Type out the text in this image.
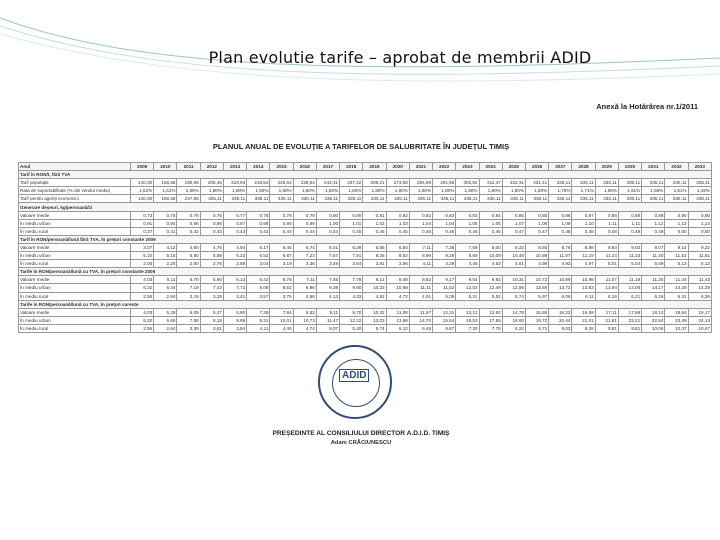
Plan evolutie tarife – aprobat de membrii ADID
Anexă la Hotărârea nr.1/2011
PLANUL ANUAL DE EVOLUȚIE A TARIFELOR DE SALUBRITATE ÎN JUDEȚUL TIMIȘ
Anul	2009	2010	2011	2012	2013	2014	2015	2016	2017	2018	2019	2020	2021	2022	2023	2024	2025	2026	2027	2028	2029	2030	2031	2032	2033
Tarif în RON/t, fără TVA																									
Tarif populație	140,30	156,56	190,65	206,46	210,93	218,54	226,64	238,64	244,31	257,22	268,21	273,56	284,69	291,65	302,82	311,47	322,31	331,41	335,11	335,11	335,11	335,11	335,11	335,11	335,11
Rata de suportabilitate (% din venitul mediu)	1,52%	1,61%	1,80%	1,80%	1,80%	1,80%	1,80%	1,80%	1,80%	1,80%	1,80%	1,80%	1,80%	1,80%	1,80%	1,80%	1,80%	1,80%	1,76%	1,71%	1,66%	1,61%	1,55%	1,51%	1,46%
Tarif pentru agenți economici	140,30	156,56	247,66	335,11	335,11	335,11	335,11	335,11	335,11	335,11	335,11	335,11	335,11	335,11	335,11	335,11	335,11	335,11	335,11	335,11	335,11	335,11	335,11	335,11	335,11
Generare deșeuri, kg/persoană/zi																									
Valoare medie	0,73	0,75	0,76	0,76	0,77	0,78	0,78	0,79	0,80	0,80	0,81	0,82	0,82	0,83	0,83	0,84	0,85	0,85	0,86	0,87	0,88	0,88	0,89	0,90	0,90
În mediu urban	0,91	0,94	0,96	0,96	0,97	0,98	0,99	0,99	1,00	1,01	1,02	1,03	1,04	1,04	1,05	1,06	1,07	1,08	1,09	1,10	1,11	1,11	1,12	1,13	1,14
În mediu rural	0,37	0,41	0,42	0,43	0,43	0,43	0,44	0,44	0,44	0,45	0,45	0,45	0,46	0,46	0,46	0,46	0,47	0,47	0,48	0,48	0,48	0,49	0,49	0,50	0,50
Tarif în RON/persoană/lună fără TVA, în prețuri constante 2009																									
Valoare medie	3,07	4,12	4,60	4,76	4,94	5,17	5,45	5,74	6,01	6,28	6,55	6,84	7,11	7,38	7,69	8,00	8,32	8,65	8,78	8,88	8,93	9,02	9,07	9,14	9,22
În mediu urban	5,10	5,15	5,80	5,89	6,23	6,52	6,87	7,23	7,57	7,91	8,25	8,62	8,96	9,29	9,69	10,08	10,48	10,89	11,07	11,19	11,24	11,33	11,40	11,52	11,61
În mediu rural	2,05	2,20	2,60	2,76	2,88	3,04	3,19	3,36	3,49	3,64	3,81	3,96	4,11	4,28	4,45	4,63	4,81	4,99	4,92	4,97	5,01	5,04	5,09	5,13	5,13
Tarife în RON/persoană/lună cu TVA, în prețuri constante 2009																									
Valoare medie	4,03	5,11	5,70	5,90	6,13	6,42	6,76	7,11	7,46	7,78	8,12	8,48	8,82	9,17	9,54	9,92	10,31	10,72	10,89	10,98	11,07	11,18	11,25	11,34	11,43
În mediu urban	6,32	6,44	7,19	7,43	7,73	8,08	8,52	8,96	9,39	9,80	10,23	10,68	11,11	11,52	12,02	12,49	12,99	13,50	13,72	13,83	13,94	14,05	14,17	14,28	14,39
În mediu rural	2,55	2,84	3,19	3,29	3,41	3,57	3,75	3,96	4,13	4,33	4,52	4,72	4,91	5,09	5,31	5,52	5,74	5,97	6,06	6,11	6,16	6,21	6,26	6,31	6,36
Tarife în RON/persoană/lună cu TVA, în prețuri curente																									
Valoare medie	4,03	5,29	6,09	5,47	6,90	7,39	7,84	8,52	9,11	9,70	10,32	11,06	11,67	12,31	13,12	13,92	14,78	15,65	16,22	16,69	17,11	17,68	18,13	18,64	19,17
În mediu urban	6,32	6,66	7,68	8,18	8,69	9,31	10,01	10,73	11,47	12,22	13,03	13,86	14,70	15,54	16,53	17,55	18,60	19,72	20,44	21,01	21,61	22,21	22,84	23,48	24,14
În mediu rural	2,55	2,64	3,39	3,61	3,84	4,11	4,45	4,74	5,07	5,40	5,74	6,12	6,49	6,87	7,30	7,75	8,22	8,71	9,03	9,28	9,51	9,81	10,06	10,37	10,67
PREȘEDINTE AL CONSILIULUI DIRECTOR A.D.I.D. TIMIȘ
Adam CRĂCIUNESCU
ADID
